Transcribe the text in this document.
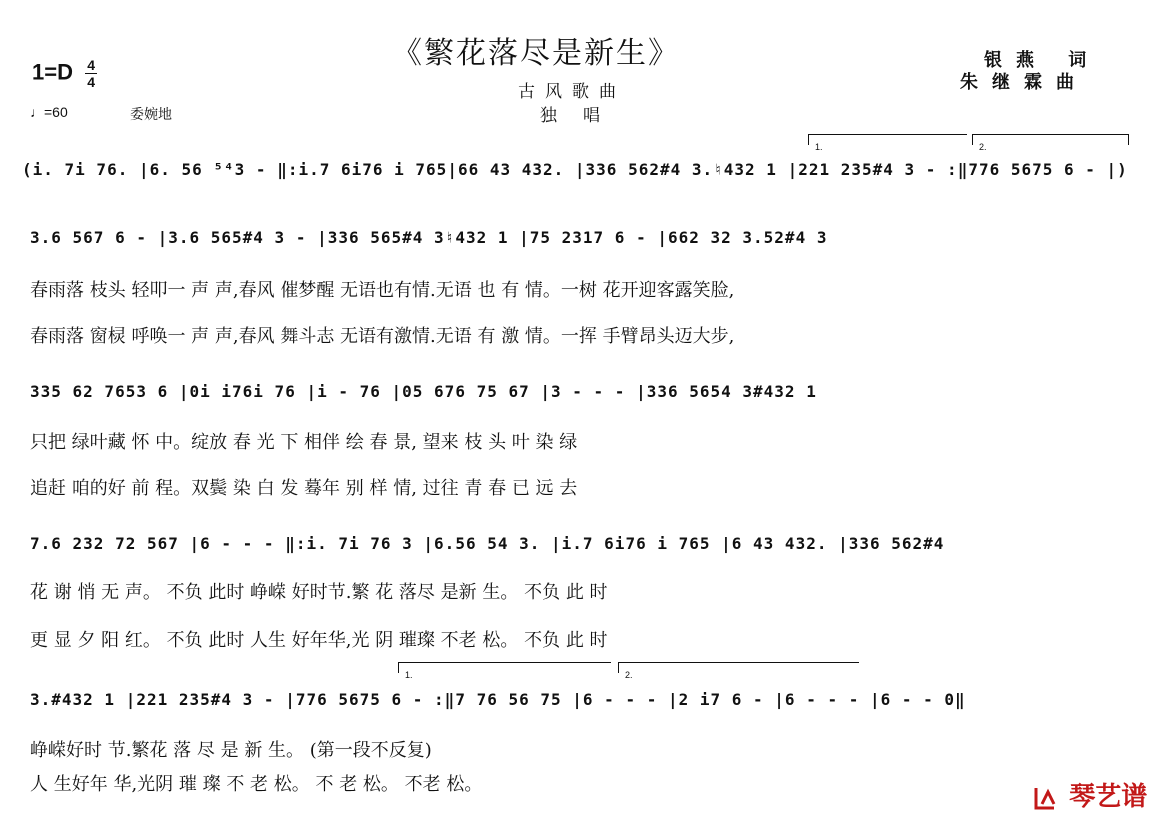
《繁花落尽是新生》
$1=D \frac{4}{4}$
古风歌曲
独唱
银燕 词
朱继霖曲
♩=60	委婉地
1.	2.
(i. 7i 76. |6. 56 ⁵⁴3 - ‖:i.7 6i76 i 765|66 43 432. |336 562#4 3.♮432 1 |221 235#4 3 - :‖776 5675 6 - |)
3.6 567 6 - |3.6 565#4 3 - |336 565#4 3♮432 1 |75 2317 6 - |662 32 3.52#4 3
春雨落 枝头 轻叩一 声 声,春风 催梦醒 无语也有情.无语 也 有 情。一树 花开迎客露笑脸,
春雨落 窗棂 呼唤一 声 声,春风 舞斗志 无语有激情.无语 有 激 情。一挥 手臂昂头迈大步,
335 62 7653 6 |0i i76i 76 |i - 76 |05 676 75 67 |3 - - - |336 5654 3#432 1
只把 绿叶藏 怀 中。绽放 春 光 下 相伴 绘 春 景, 望来 枝 头 叶 染 绿
追赶 咱的好 前 程。双鬓 染 白 发 蓦年 别 样 情, 过往 青 春 已 远 去
7.6 232 72 567 |6 - - - ‖:i. 7i 76 3 |6.56 54 3. |i.7 6i76 i 765 |6 43 432. |336 562#4
花 谢 悄 无 声。 不负 此时 峥嵘 好时节.繁 花 落尽 是新 生。 不负 此 时
更 显 夕 阳 红。 不负 此时 人生 好年华,光 阴 璀璨 不老 松。 不负 此 时
1.	2.
3.#432 1 |221 235#4 3 - |776 5675 6 - :‖7 76 56 75 |6 - - - |2 i7 6 - |6 - - - |6 - - 0‖
峥嵘好时 节.繁花 落 尽 是 新 生。 (第一段不反复)
人 生好年 华,光阴 璀 璨 不 老 松。 不 老 松。 不老 松。	琴艺谱
